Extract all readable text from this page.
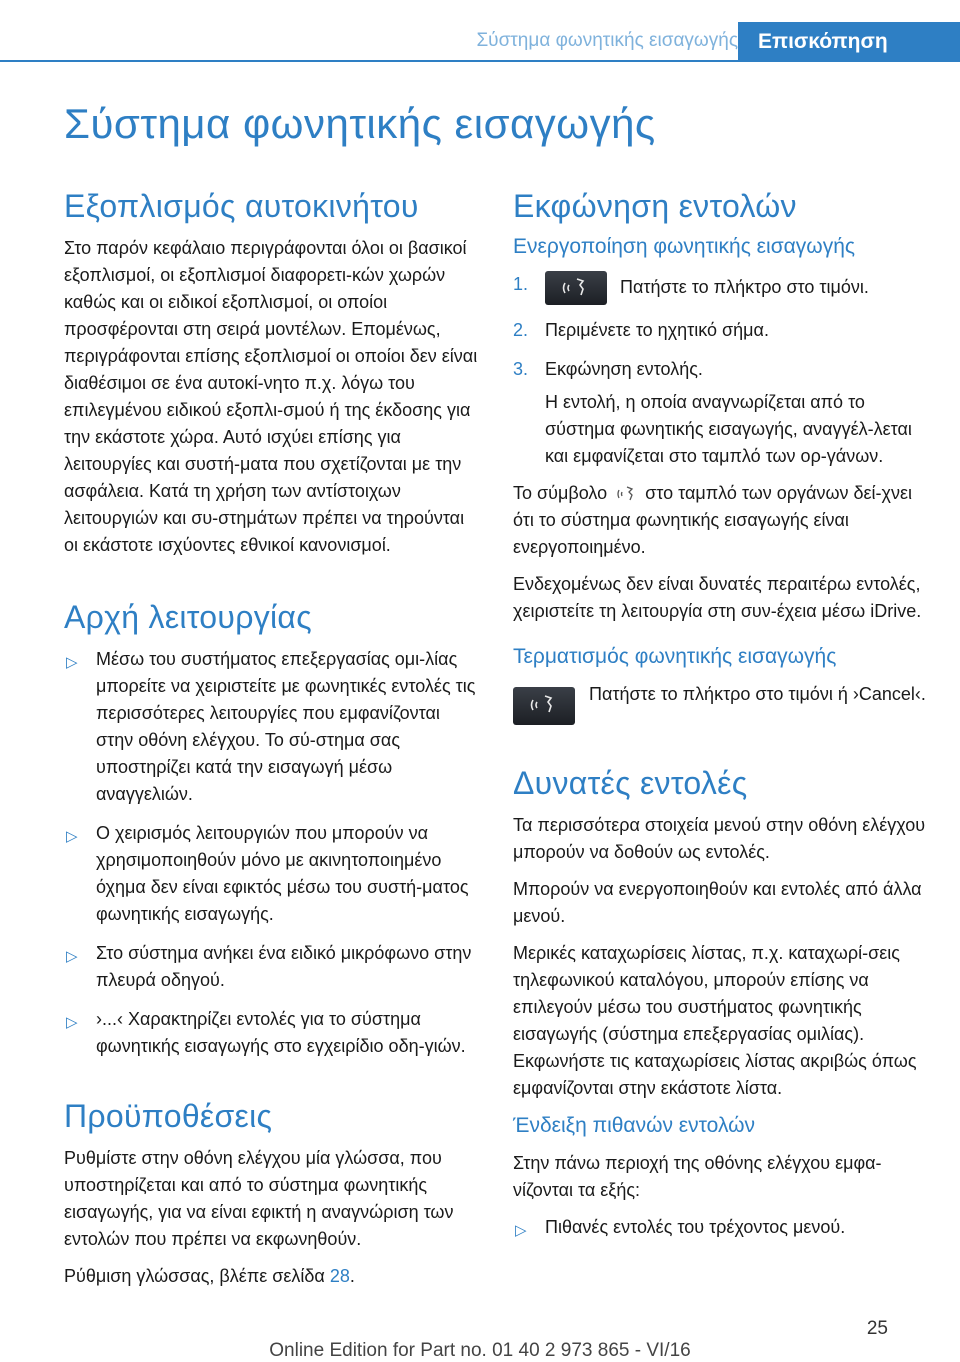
Σύστημα φωνητικής εισαγωγής Επισκόπηση
Σύστημα φωνητικής εισαγωγής
Εξοπλισμός αυτοκινήτου

Στο παρόν κεφάλαιο περιγράφονται όλοι οι βασικοί εξοπλισμοί, οι εξοπλισμοί διαφορετι‐κών χωρών καθώς και οι ειδικοί εξοπλισμοί, οι οποίοι προσφέρονται στη σειρά μοντέλων. Επομένως, περιγράφονται επίσης εξοπλισμοί οι οποίοι δεν είναι διαθέσιμοι σε ένα αυτοκί‐νητο π.χ. λόγω του επιλεγμένου ειδικού εξοπλι‐σμού ή της έκδοσης για την εκάστοτε χώρα. Αυτό ισχύει επίσης για λειτουργίες και συστή‐ματα που σχετίζονται με την ασφάλεια. Κατά τη χρήση των αντίστοιχων λειτουργιών και συ‐στημάτων πρέπει να τηρούνται οι εκάστοτε ισχύοντες εθνικοί κανονισμοί.

Αρχή λειτουργίας
▷ Μέσω του συστήματος επεξεργασίας ομι‐λίας μπορείτε να χειριστείτε με φωνητικές εντολές τις περισσότερες λειτουργίες που εμφανίζονται στην οθόνη ελέγχου. Το σύ‐στημα σας υποστηρίζει κατά την εισαγωγή μέσω αναγγελιών.
▷ Ο χειρισμός λειτουργιών που μπορούν να χρησιμοποιηθούν μόνο με ακινητοποιημένο όχημα δεν είναι εφικτός μέσω του συστή‐ματος φωνητικής εισαγωγής.
▷ Στο σύστημα ανήκει ένα ειδικό μικρόφωνο στην πλευρά οδηγού.
▷ ›...‹ Χαρακτηρίζει εντολές για το σύστημα φωνητικής εισαγωγής στο εγχειρίδιο οδη‐γιών.
Προϋποθέσεις

Ρυθμίστε στην οθόνη ελέγχου μία γλώσσα, που υποστηρίζεται και από το σύστημα φωνητικής εισαγωγής, για να είναι εφικτή η αναγνώριση των εντολών που πρέπει να εκφωνηθούν.

Ρύθμιση γλώσσας, βλέπε σελίδα 28.

Εκφώνηση εντολών
Ενεργοποίηση φωνητικής εισαγωγής
1.	Πατήστε το πλήκτρο στο τιμόνι.
2. Περιμένετε το ηχητικό σήμα.
3. Εκφώνηση εντολής.

Η εντολή, η οποία αναγνωρίζεται από το σύστημα φωνητικής εισαγωγής, αναγγέλ‐λεται και εμφανίζεται στο ταμπλό των ορ‐γάνων.

Το σύμβολο στο ταμπλό των οργάνων δεί‐χνει ότι το σύστημα φωνητικής εισαγωγής είναι ενεργοποιημένο.

Ενδεχομένως δεν είναι δυνατές περαιτέρω εντολές, χειριστείτε τη λειτουργία στη συν‐έχεια μέσω iDrive.

Τερματισμός φωνητικής εισαγωγής

Πατήστε το πλήκτρο στο τιμόνι ή ›Cancel‹.

Δυνατές εντολές

Τα περισσότερα στοιχεία μενού στην οθόνη ελέγχου μπορούν να δοθούν ως εντολές.

Μπορούν να ενεργοποιηθούν και εντολές από άλλα μενού.

Μερικές καταχωρίσεις λίστας, π.χ. καταχωρί‐σεις τηλεφωνικού καταλόγου, μπορούν επίσης να επιλεγούν μέσω του συστήματος φωνητικής εισαγωγής (σύστημα επεξεργασίας ομιλίας). Εκφωνήστε τις καταχωρίσεις λίστας ακριβώς όπως εμφανίζονται στην εκάστοτε λίστα.

Ένδειξη πιθανών εντολών

Στην πάνω περιοχή της οθόνης ελέγχου εμφα‐νίζονται τα εξής:

▷ Πιθανές εντολές του τρέχοντος μενού.
25
Online Edition for Part no. 01 40 2 973 865 - VI/16
